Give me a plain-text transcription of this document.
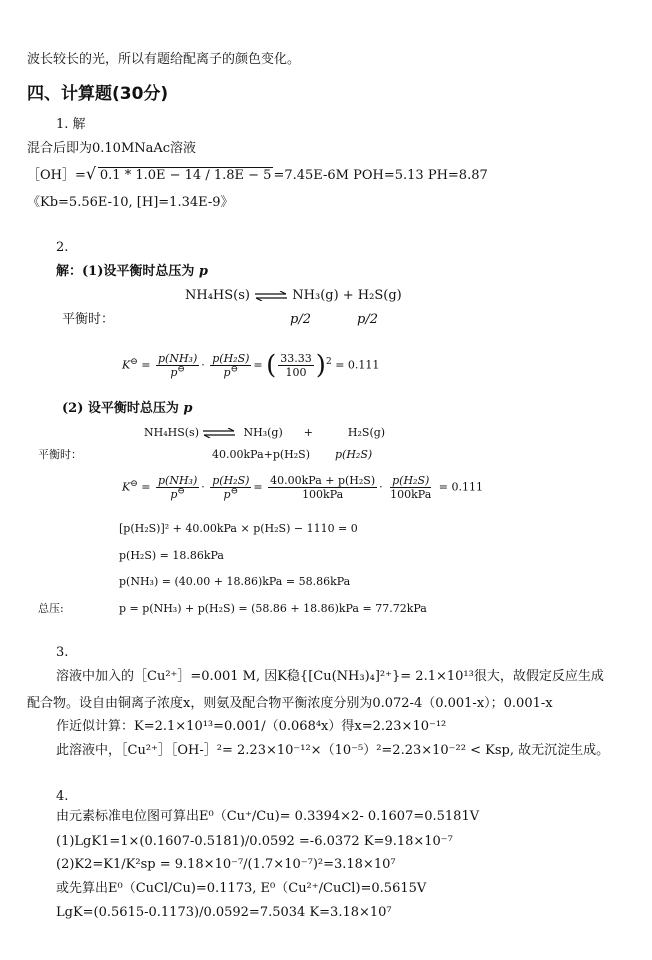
波长较长的光，所以有题给配离子的颜色变化。
四、计算题(30分)
1. 解
混合后即为0.10MNaAc溶液
［OH］= √ 0.1 * 1.0E − 14 / 1.8E − 5 =7.45E-6M POH=5.13 PH=8.87
《Kb=5.56E-10, [H]=1.34E-9》
2.
解：(1)设平衡时总压为 p
NH₄HS(s) ⇌ NH₃(g) + H₂S(g)
平衡时：	p/2	p/2
$K^⊖ = \frac{\text{p(NH₃)}}{p^⊖} \cdot \frac{\text{p(H₂S)}}{p^⊖}$ = ( $\frac{33.33}{100} )^2 = 0.111$
(2) 设平衡时总压为 p
NH₄HS(s) ⇌ NH₃(g) +	H₂S(g)
平衡时：	40.00kPa+p(H₂S) p(H₂S)
$K^⊖ = \frac{\text{p(NH₃)}}{p^⊖} \cdot \frac{\text{p(H₂S)}}{p^⊖} = \frac{\text{40.00kPa + p(H₂S)}}{\text{100kPa}} \cdot \frac{\text{p(H₂S)}}{\text{100kPa}} = 0.111$
[p(H₂S)]² + 40.00kPa × p(H₂S) − 1110 = 0
p(H₂S) = 18.86kPa
p(NH₃) = (40.00 + 18.86)kPa = 58.86kPa
总压:	p = p(NH₃) + p(H₂S) = (58.86 + 18.86)kPa = 77.72kPa
3.
溶液中加入的［Cu²⁺］=0.001 M, 因K稳{[Cu(NH₃)₄]²⁺}= 2.1×10¹³很大，故假定反应生成
配合物。设自由铜离子浓度x，则氨及配合物平衡浓度分别为0.072-4（0.001-x）；0.001-x
作近似计算：K=2.1×10¹³=0.001/（0.068⁴x）得x=2.23×10⁻¹²
此溶液中，［Cu²⁺］［OH-］²= 2.23×10⁻¹²×（10⁻⁵）²=2.23×10⁻²² < Ksp, 故无沉淀生成。
4.
由元素标准电位图可算出E⁰（Cu⁺/Cu)= 0.3394×2- 0.1607=0.5181V
(1)LgK1=1×(0.1607-0.5181)/0.0592 =-6.0372 K=9.18×10⁻⁷
(2)K2=K1/K²sp = 9.18×10⁻⁷/(1.7×10⁻⁷)²=3.18×10⁷
或先算出E⁰（CuCl/Cu)=0.1173, E⁰（Cu²⁺/CuCl)=0.5615V
LgK=(0.5615-0.1173)/0.0592=7.5034 K=3.18×10⁷
